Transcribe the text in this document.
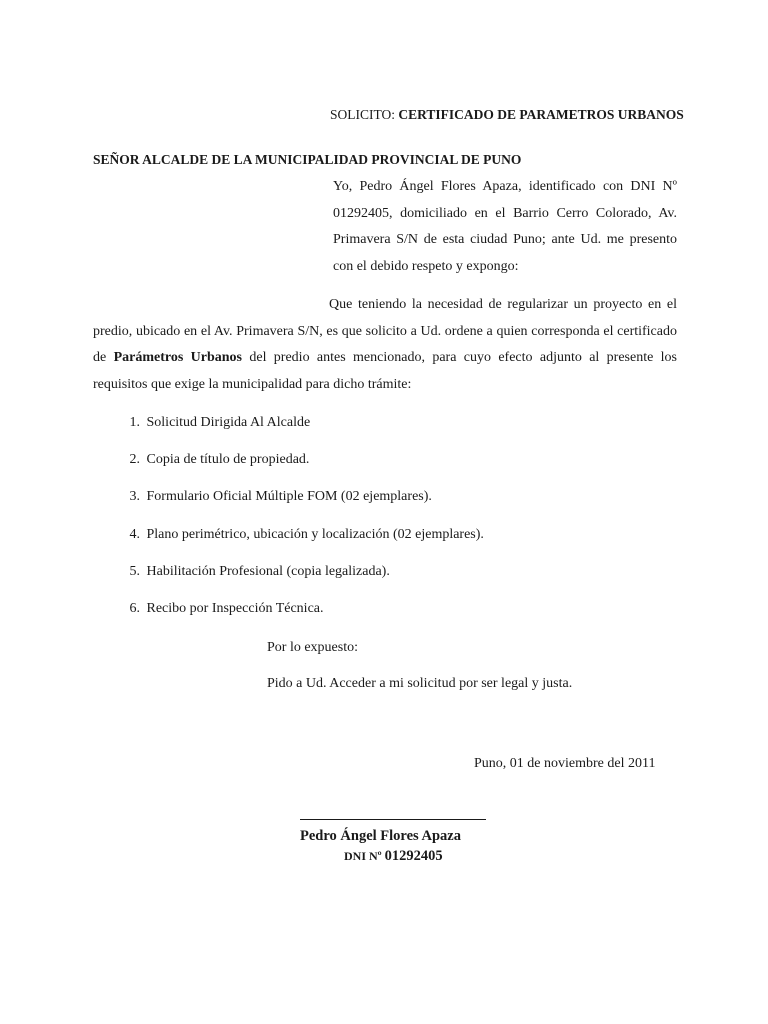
SOLICITO: CERTIFICADO DE PARAMETROS URBANOS
SEÑOR ALCALDE DE LA MUNICIPALIDAD PROVINCIAL DE PUNO
Yo, Pedro Ángel Flores Apaza, identificado con DNI Nº 01292405, domiciliado en el Barrio Cerro Colorado, Av. Primavera S/N de esta ciudad Puno; ante Ud. me presento con el debido respeto y expongo:
Que teniendo la necesidad de regularizar un proyecto en el predio, ubicado en el Av. Primavera S/N, es que solicito a Ud. ordene a quien corresponda el certificado de Parámetros Urbanos del predio antes mencionado, para cuyo efecto adjunto al presente los requisitos que exige la municipalidad para dicho trámite:
1. Solicitud Dirigida Al Alcalde
2. Copia de título de propiedad.
3. Formulario Oficial Múltiple FOM (02 ejemplares).
4. Plano perimétrico, ubicación y localización (02 ejemplares).
5. Habilitación Profesional (copia legalizada).
6. Recibo por Inspección Técnica.
Por lo expuesto:
Pido a Ud. Acceder a mi solicitud por ser legal y justa.
Puno, 01 de noviembre del 2011
Pedro Ángel Flores Apaza
DNI Nº 01292405
